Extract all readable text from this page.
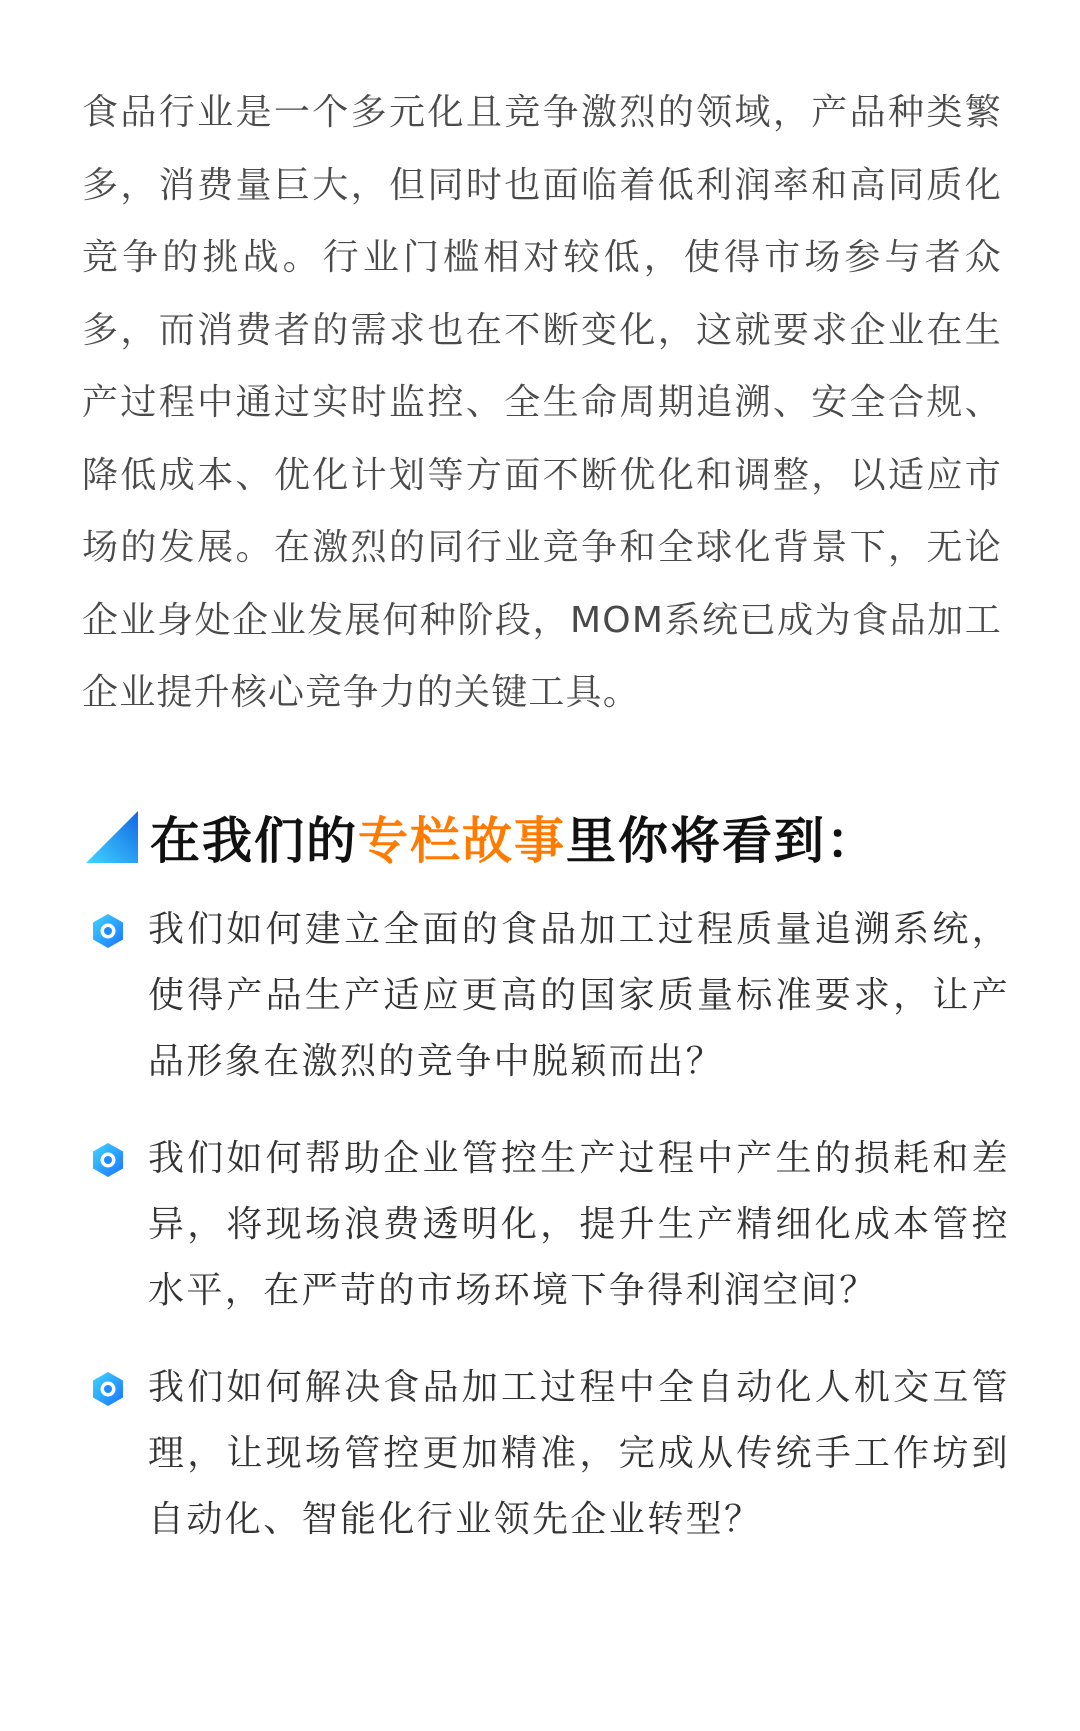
食品行业是一个多元化且竞争激烈的领域，产品种类繁多，消费量巨大，但同时也面临着低利润率和高同质化竞争的挑战。行业门槛相对较低，使得市场参与者众多，而消费者的需求也在不断变化，这就要求企业在生产过程中通过实时监控、全生命周期追溯、安全合规、降低成本、优化计划等方面不断优化和调整，以适应市场的发展。在激烈的同行业竞争和全球化背景下，无论企业身处企业发展何种阶段，MOM系统已成为食品加工企业提升核心竞争力的关键工具。

在我们的专栏故事里你将看到：
我们如何建立全面的食品加工过程质量追溯系统，使得产品生产适应更高的国家质量标准要求，让产品形象在激烈的竞争中脱颖而出？
我们如何帮助企业管控生产过程中产生的损耗和差异，将现场浪费透明化，提升生产精细化成本管控水平，在严苛的市场环境下争得利润空间？
我们如何解决食品加工过程中全自动化人机交互管理，让现场管控更加精准，完成从传统手工作坊到自动化、智能化行业领先企业转型？
